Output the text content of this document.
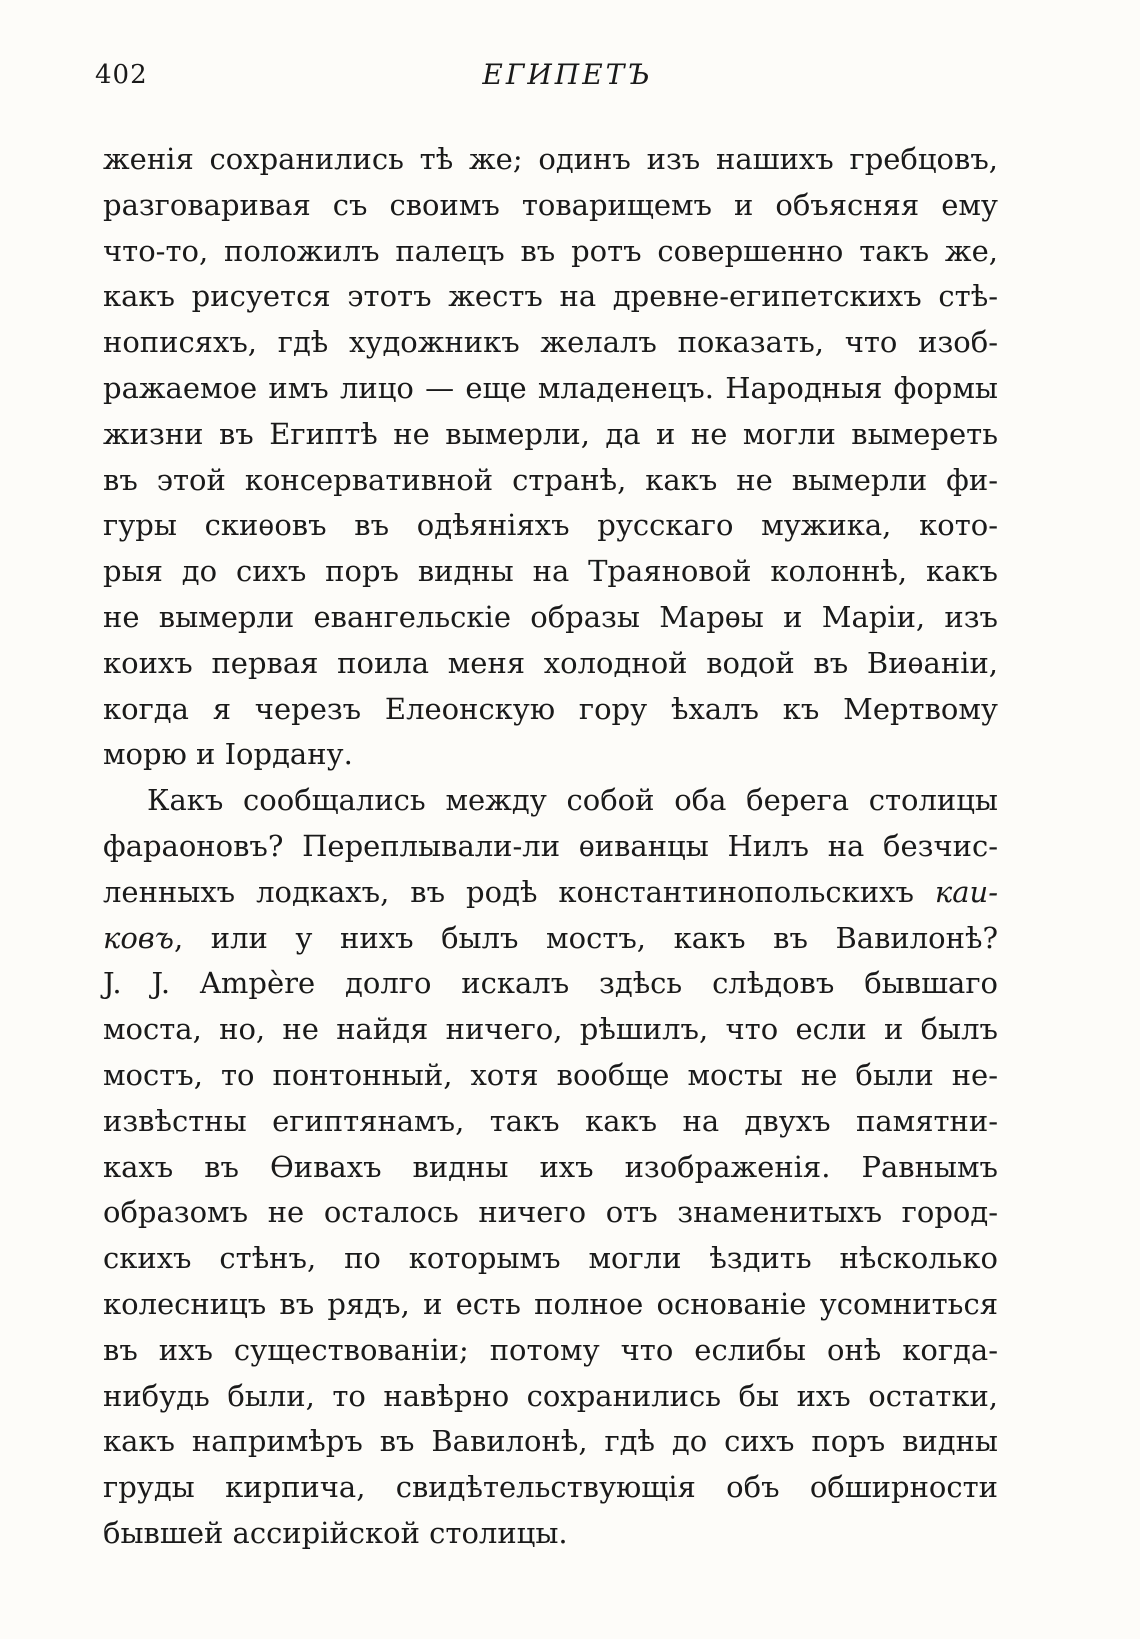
402	ЕГИПЕТЪ
женія сохранились тѣ же; одинъ изъ нашихъ гребцовъ,
разговаривая съ своимъ товарищемъ и объясняя ему
что-то, положилъ палецъ въ ротъ совершенно такъ же,
какъ рисуется этотъ жестъ на древне-египетскихъ стѣ-
нописяхъ, гдѣ художникъ желалъ показать, что изоб-
ражаемое имъ лицо — еще младенецъ. Народныя формы
жизни въ Египтѣ не вымерли, да и не могли вымереть
въ этой консервативной странѣ, какъ не вымерли фи-
гуры скиѳовъ въ одѣяніяхъ русскаго мужика, кото-
рыя до сихъ поръ видны на Траяновой колоннѣ, какъ
не вымерли евангельскіе образы Марѳы и Маріи, изъ
коихъ первая поила меня холодной водой въ Виѳаніи,
когда я черезъ Елеонскую гору ѣхалъ къ Мертвому
морю и Іордану.
Какъ сообщались между собой оба берега столицы
фараоновъ? Переплывали-ли ѳиванцы Нилъ на безчис-
ленныхъ лодкахъ, въ родѣ константинопольскихъ каи-
ковъ, или у нихъ былъ мостъ, какъ въ Вавилонѣ?
J. J. Ampère долго искалъ здѣсь слѣдовъ бывшаго
моста, но, не найдя ничего, рѣшилъ, что если и былъ
мостъ, то понтонный, хотя вообще мосты не были не-
извѣстны египтянамъ, такъ какъ на двухъ памятни-
кахъ въ Ѳивахъ видны ихъ изображенія. Равнымъ
образомъ не осталось ничего отъ знаменитыхъ город-
скихъ стѣнъ, по которымъ могли ѣздить нѣсколько
колесницъ въ рядъ, и есть полное основаніе усомниться
въ ихъ существованіи; потому что еслибы онѣ когда-
нибудь были, то навѣрно сохранились бы ихъ остатки,
какъ напримѣръ въ Вавилонѣ, гдѣ до сихъ поръ видны
груды кирпича, свидѣтельствующія объ обширности
бывшей ассирійской столицы.
